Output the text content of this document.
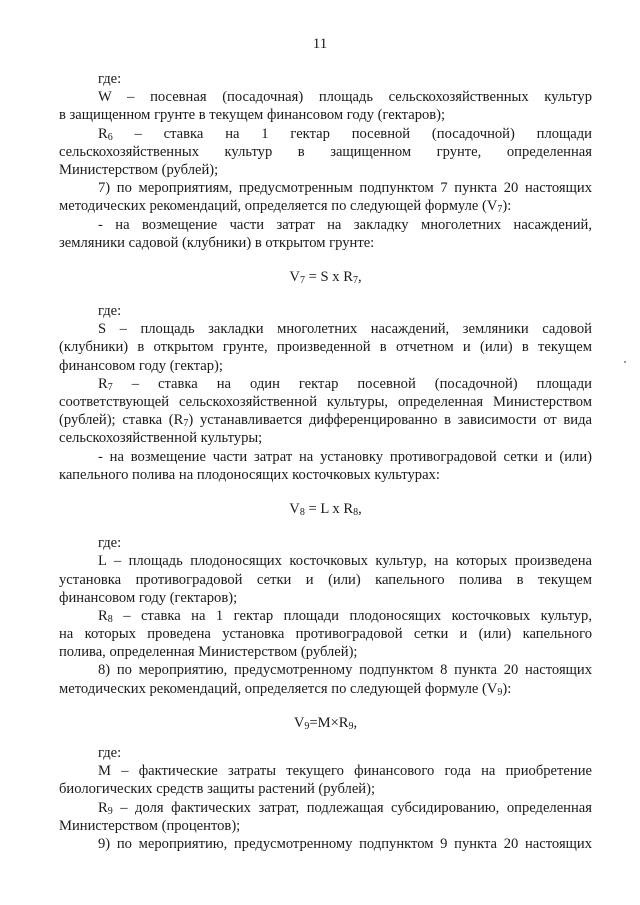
11
где:
W – посевная (посадочная) площадь сельскохозяйственных культур
в защищенном грунте в текущем финансовом году (гектаров);
$R_6$ – ставка на 1 гектар посевной (посадочной) площади
сельскохозяйственных культур в защищенном грунте, определенная
Министерством (рублей);
7) по мероприятиям, предусмотренным подпунктом 7 пункта 20 настоящих
методических рекомендаций, определяется по следующей формуле $(V_7)$:
- на возмещение части затрат на закладку многолетних насаждений,
земляники садовой (клубники) в открытом грунте:
$V_7 = S$ x $R_7$,
где:
S – площадь закладки многолетних насаждений, земляники садовой
(клубники) в открытом грунте, произведенной в отчетном и (или) в текущем
финансовом году (гектар);
$R_7$ – ставка на один гектар посевной (посадочной) площади
соответствующей сельскохозяйственной культуры, определенная Министерством
(рублей); ставка $(R_7)$ устанавливается дифференцированно в зависимости от вида
сельскохозяйственной культуры;
- на возмещение части затрат на установку противоградовой сетки и (или)
капельного полива на плодоносящих косточковых культурах:
$V_8 = L$ x $R_8$,
где:
L – площадь плодоносящих косточковых культур, на которых произведена
установка противоградовой сетки и (или) капельного полива в текущем
финансовом году (гектаров);
$R_8$ – ставка на 1 гектар площади плодоносящих косточковых культур,
на которых проведена установка противоградовой сетки и (или) капельного
полива, определенная Министерством (рублей);
8) по мероприятию, предусмотренному подпунктом 8 пункта 20 настоящих
методических рекомендаций, определяется по следующей формуле $(V_9)$:
$V_9=M\times R_9$,
где:
M – фактические затраты текущего финансового года на приобретение
биологических средств защиты растений (рублей);
$R_9$ – доля фактических затрат, подлежащая субсидированию, определенная
Министерством (процентов);
9) по мероприятию, предусмотренному подпунктом 9 пункта 20 настоящих
